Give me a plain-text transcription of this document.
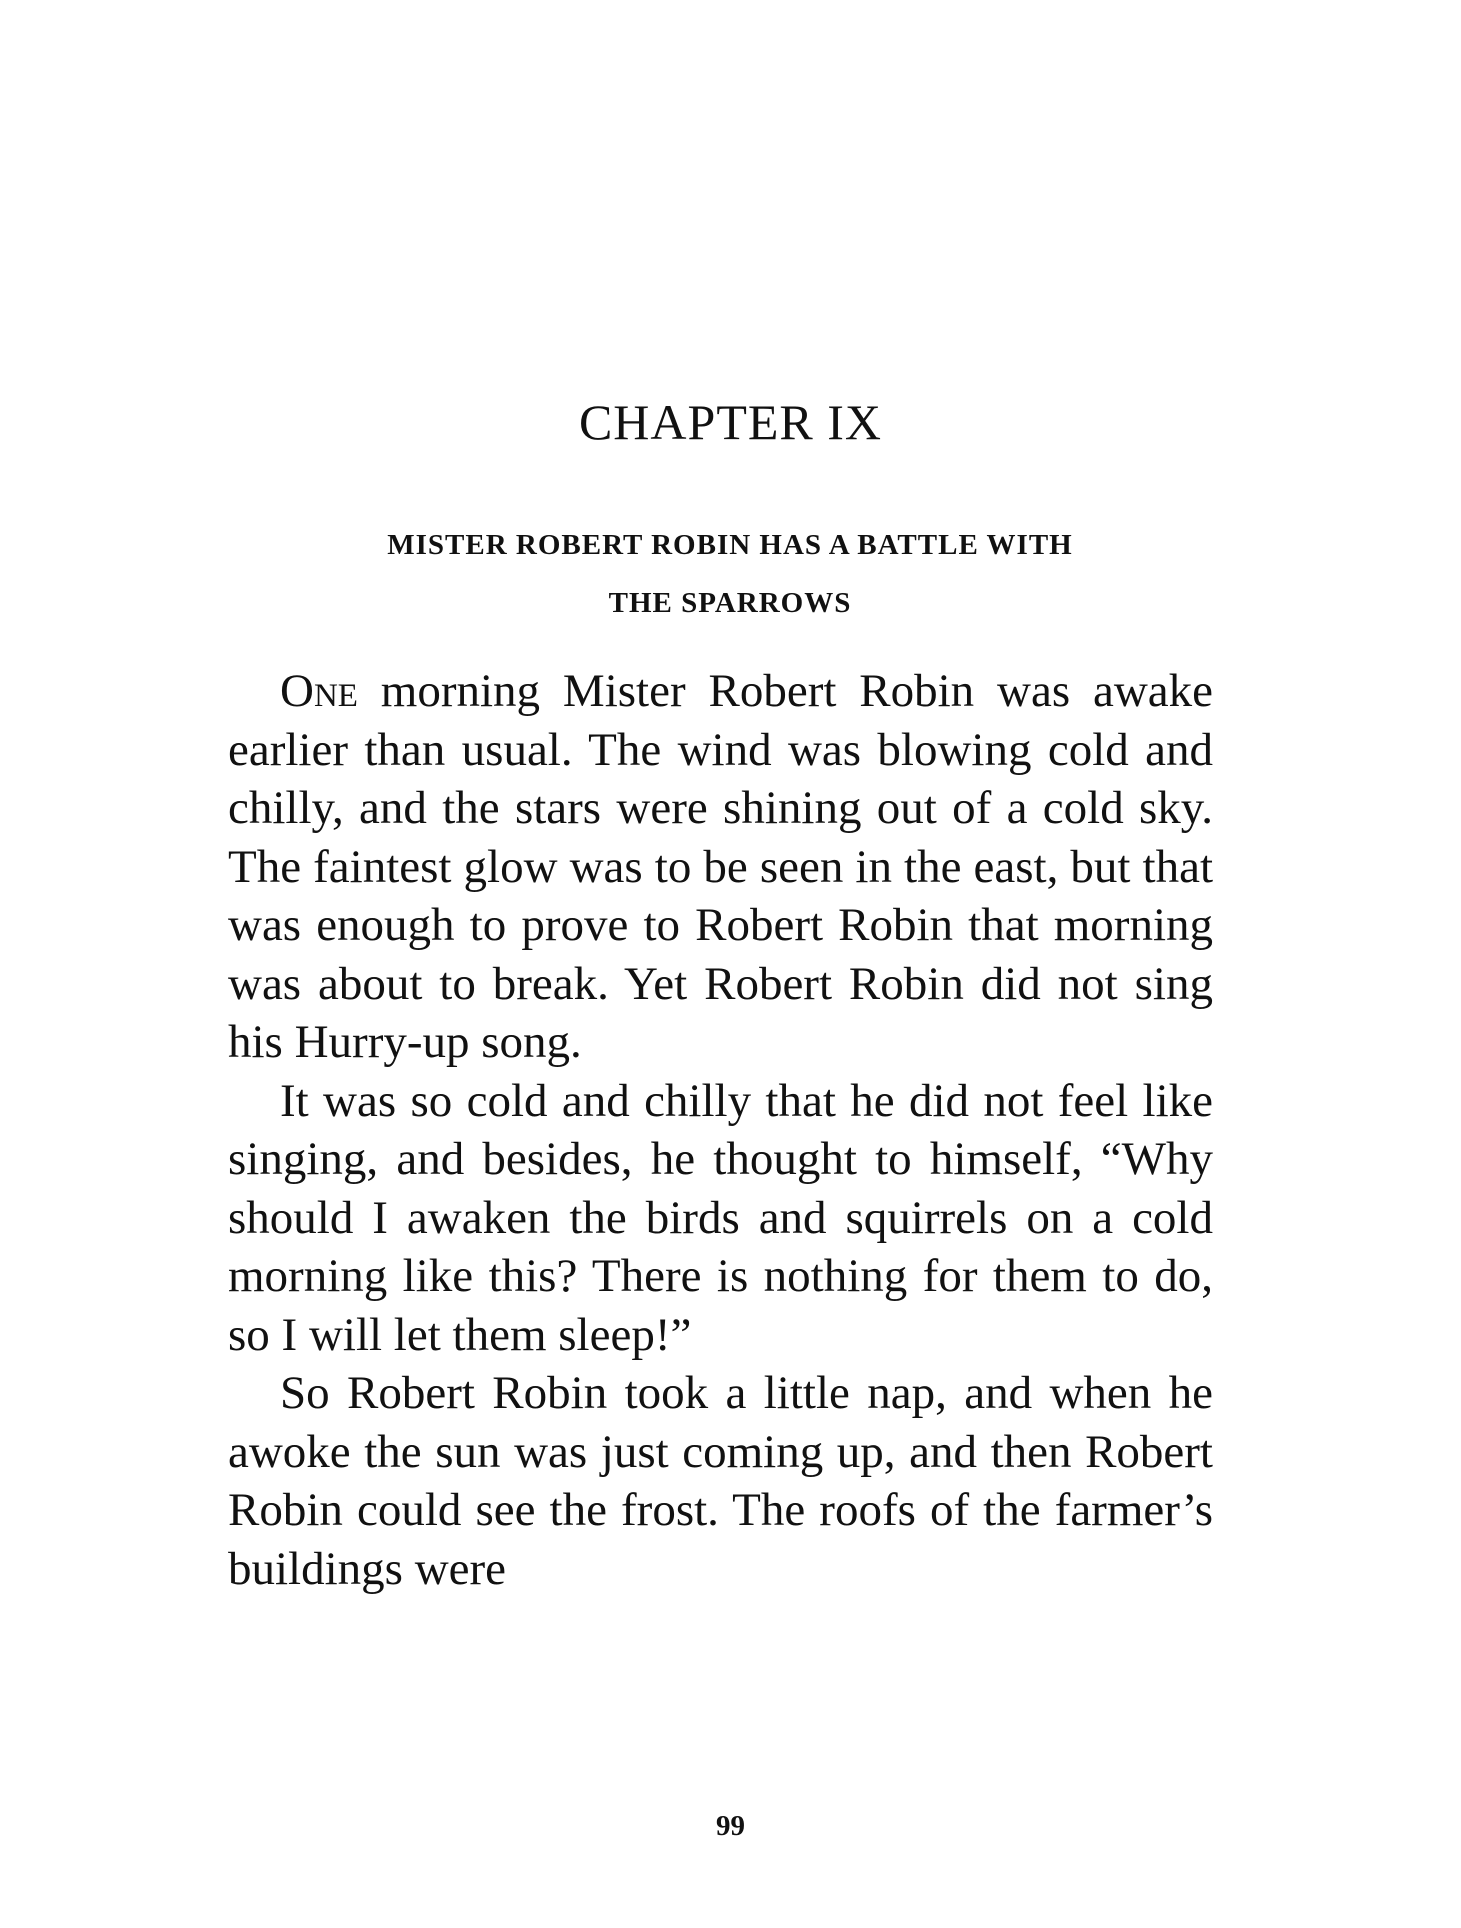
CHAPTER IX
MISTER ROBERT ROBIN HAS A BATTLE WITH
THE SPARROWS

One morning Mister Robert Robin was awake earlier than usual. The wind was blowing cold and chilly, and the stars were shining out of a cold sky. The faintest glow was to be seen in the east, but that was enough to prove to Robert Robin that morning was about to break. Yet Robert Robin did not sing his Hurry-up song.

It was so cold and chilly that he did not feel like singing, and besides, he thought to himself, “Why should I awaken the birds and squirrels on a cold morning like this? There is nothing for them to do, so I will let them sleep!”

So Robert Robin took a little nap, and when he awoke the sun was just coming up, and then Robert Robin could see the frost. The roofs of the farmer’s buildings were

99
